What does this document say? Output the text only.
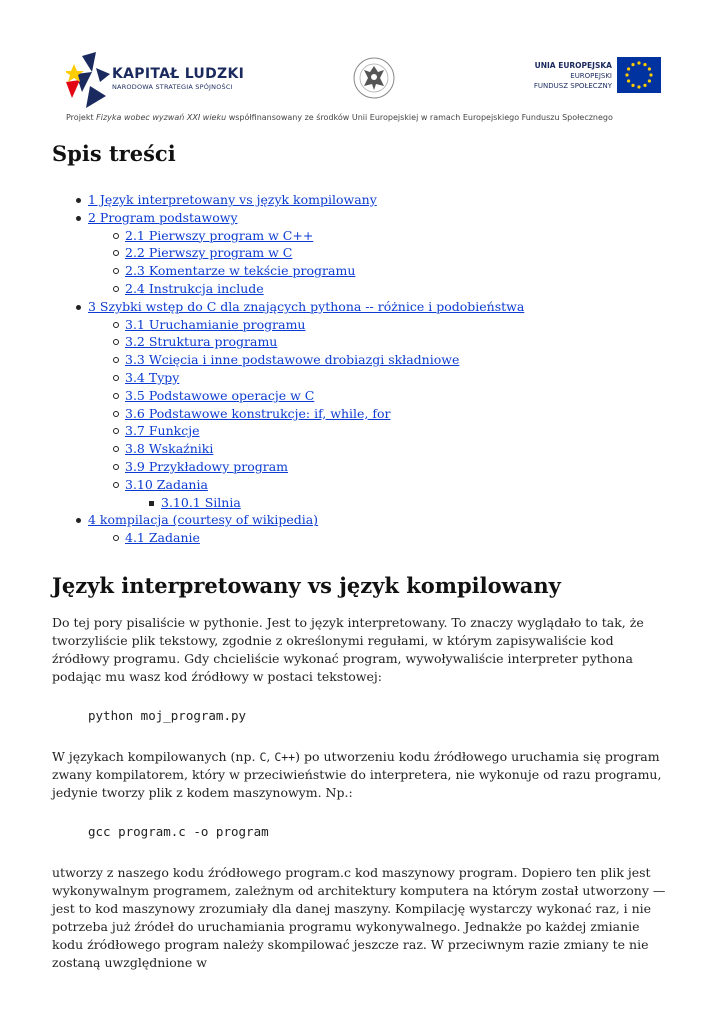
KAPITAŁ LUDZKI
NARODOWA STRATEGIA SPÓJNOŚCI
UNIA EUROPEJSKA
EUROPEJSKI
FUNDUSZ SPOŁECZNY
Projekt Fizyka wobec wyzwań XXI wieku współfinansowany ze środków Unii Europejskiej w ramach Europejskiego Funduszu Społecznego
Spis treści
1 Język interpretowany vs język kompilowany
2 Program podstawowy
2.1 Pierwszy program w C++
2.2 Pierwszy program w C
2.3 Komentarze w tekście programu
2.4 Instrukcja include
3 Szybki wstęp do C dla znających pythona -- różnice i podobieństwa
3.1 Uruchamianie programu
3.2 Struktura programu
3.3 Wcięcia i inne podstawowe drobiazgi składniowe
3.4 Typy
3.5 Podstawowe operacje w C
3.6 Podstawowe konstrukcje: if, while, for
3.7 Funkcje
3.8 Wskaźniki
3.9 Przykładowy program
3.10 Zadania
3.10.1 Silnia
4 kompilacja (courtesy of wikipedia)
4.1 Zadanie
Język interpretowany vs język kompilowany
Do tej pory pisaliście w pythonie. Jest to język interpretowany. To znaczy wyglądało to tak, że tworzyliście plik tekstowy, zgodnie z określonymi regułami, w którym zapisywaliście kod źródłowy programu. Gdy chcieliście wykonać program, wywoływaliście interpreter pythona podając mu wasz kod źródłowy w postaci tekstowej:
python moj_program.py
W językach kompilowanych (np. C, C++) po utworzeniu kodu źródłowego uruchamia się program zwany kompilatorem, który w przeciwieństwie do interpretera, nie wykonuje od razu programu, jedynie tworzy plik z kodem maszynowym. Np.:
gcc program.c -o program
utworzy z naszego kodu źródłowego program.c kod maszynowy program. Dopiero ten plik jest wykonywalnym programem, zależnym od architektury komputera na którym został utworzony — jest to kod maszynowy zrozumiały dla danej maszyny. Kompilację wystarczy wykonać raz, i nie potrzeba już źródeł do uruchamiania programu wykonywalnego. Jednakże po każdej zmianie kodu źródłowego program należy skompilować jeszcze raz. W przeciwnym razie zmiany te nie zostaną uwzględnione w
